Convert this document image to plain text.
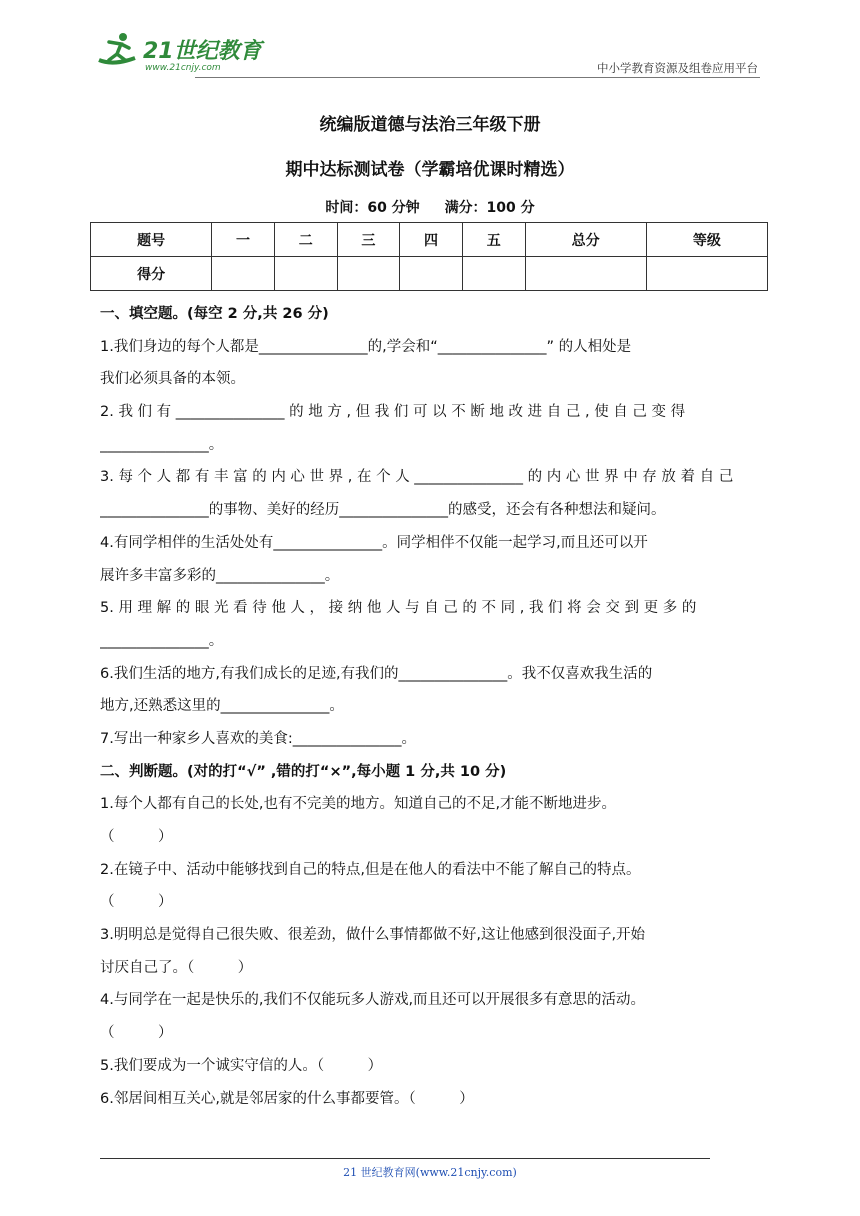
21世纪教育
www.21cnjy.com	中小学教育资源及组卷应用平台
统编版道德与法治三年级下册
期中达标测试卷（学霸培优课时精选）
时间：60 分钟 满分：100 分
题号	一	二	三	四	五	总分	等级
得分							
一、填空题。(每空 2 分,共 26 分)
1.我们身边的每个人都是_______________的,学会和“_______________” 的人相处是
我们必须具备的本领。
2. 我 们 有 _______________ 的 地 方 , 但 我 们 可 以 不 断 地 改 进 自 己 , 使 自 己 变 得
_______________。
3. 每 个 人 都 有 丰 富 的 内 心 世 界 , 在 个 人 _______________ 的 内 心 世 界 中 存 放 着 自 己
_______________的事物、美好的经历_______________的感受，还会有各种想法和疑问。
4.有同学相伴的生活处处有_______________。同学相伴不仅能一起学习,而且还可以开
展许多丰富多彩的_______________。
5. 用 理 解 的 眼 光 看 待 他 人 ， 接 纳 他 人 与 自 己 的 不 同 , 我 们 将 会 交 到 更 多 的
_______________。
6.我们生活的地方,有我们成长的足迹,有我们的_______________。我不仅喜欢我生活的
地方,还熟悉这里的_______________。
7.写出一种家乡人喜欢的美食:_______________。
二、判断题。(对的打“√” ,错的打“×”,每小题 1 分,共 10 分)
1.每个人都有自己的长处,也有不完美的地方。知道自己的不足,才能不断地进步。
（　　　）
2.在镜子中、活动中能够找到自己的特点,但是在他人的看法中不能了解自己的特点。
（　　　）
3.明明总是觉得自己很失败、很差劲，做什么事情都做不好,这让他感到很没面子,开始
讨厌自己了。（　　　）
4.与同学在一起是快乐的,我们不仅能玩多人游戏,而且还可以开展很多有意思的活动。
（　　　）
5.我们要成为一个诚实守信的人。（　　　）
6.邻居间相互关心,就是邻居家的什么事都要管。（　　　）
21 世纪教育网(www.21cnjy.com)
